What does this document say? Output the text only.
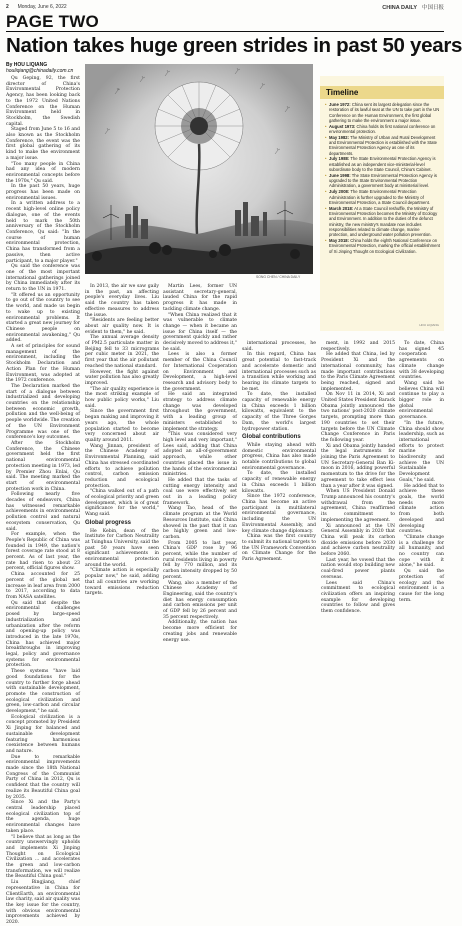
2 Monday, June 6, 2022	CHINA DAILY 中国日报
PAGE TWO
Nation takes huge green strides in past 50 years
By HOU LIQIANG
houliqiang@chinadaily.com.cn

Qu Geping, 92, the first director of China's Environmental Protection Agency, has been looking back to the 1972 United Nations Conference on the Human Environment held in Stockholm, the Swedish capital.

Staged from June 5 to 16 and also known as the Stockholm Conference, the event was the first global gathering of its kind to make the environment a major issue.

"Too many people in China had any idea of modern environmental concepts before the 1970s," Qu said.

In the past 50 years, huge progress has been made on environmental issues.

In a written address to a recent high-level online policy dialogue, one of the events held to mark the 50th anniversary of the Stockholm Conference, Qu said: "In the course of human environmental protection, China has transformed from a passive, then active participant, to a major player."

Qu said the conference was one of the most important international gatherings joined by China immediately after its return to the UN in 1971.

"It offered us an opportunity to go out of the country to see the world, and made us begin to wake up to existing environmental problems. It started a great new journey for Chinese people on environmental awakening," Qu added.

A set of principles for sound management of the environment, including the Stockholm Declaration and Action Plan for the Human Environment, was adopted at the 1972 conference.

The Declaration marked the start of a dialogue between industrialized and developing countries on the relationship between economic growth, pollution and the well-being of people worldwide. The creation of the UN Environment Programme was one of the conference's key outcomes.

After the Stockholm Conference, the Chinese government held the first national environmental protection meeting in 1973, led by Premier Zhou Enlai, Qu said. The meeting marked the start of environmental protection work in China.

Following nearly five decades of endeavors, China has witnessed remarkable achievements in environmental pollution control and natural ecosystem conservation, Qu said.

For example, when the People's Republic of China was founded in 1949, the nation's forest coverage rate stood at 8 percent. As of last year, the rate had risen to about 23 percent, official figures show.

China accounted for 25 percent of the global net increase in leaf area from 2000 to 2017, according to data from NASA satellites.

Qu said that despite the environmental challenges posed by large-speed industrialization and urbanization after the reform and opening-up policy was introduced in the late 1970s, China has achieved major breakthroughs in improving legal, policy and governance systems for environmental protection.

These systems "have laid good foundations for the country to further forge ahead with sustainable development, promote the construction of ecological civilization and green, low-carbon and circular development," he said.

Ecological civilization is a concept promoted by President Xi Jinping for balanced and sustainable development featuring harmonious coexistence between humans and nature.

Due to remarkable environmental improvements made since the 18th National Congress of the Communist Party of China in 2012, Qu is confident that the country will realize its Beautiful China goal by 2035.

Since Xi and the Party's central leadership placed ecological civilization top of the agenda, huge environmental changes have taken place.

"I believe that as long as the country unswervingly upholds and implements Xi Jinping Thought on Ecological Civilization ... and accelerates the green and low-carbon transformation, we will realize the Beautiful China goal."

Liu Bingjiang, chief representative in China for ClientEarth, an environmental law charity, said air quality was the key issue for the country, with obvious environmental improvements achieved by 2020.

SONG CHEN / CHINA DAILY

In 2013, the air we saw gaily in the past, an affecting people's everyday lives. Liu said the country has taken effective measures to address the issue.

"Residents are feeling better about air quality now. It is evident to them," he said.

The annual average density of PM2.5 particulate matter in Beijing fell to 33 micrograms per cubic meter in 2021, the first year that the air pollutant reached the national standard.

However, the fight against water pollution has also greatly improved.

"The air quality experience is the most striking example of how public policy works," Liu said.

Since the government first began making and improving it years ago, the whole population started to become very concerned about air quality around 2011.

Wang Jinnan, president of the Chinese Academy of Environmental Planning, said China has stressed coordinated efforts to achieve pollution control, carbon emission reduction and ecological protection.

"China walked out of a path of ecological priority and green development, which is of great significance for the world," Wang said.

Global progress

He Kebin, dean of the Institute for Carbon Neutrality at Tsinghua University, said the past 50 years have seen significant achievements in environmental protection around the world.

"Climate action is especially popular now," he said, adding that all countries are working toward emissions reduction targets.

Martin Lees, former UN assistant secretary-general, lauded China for the rapid progress it has made in tackling climate change.

"When China realized that it was vulnerable to climate change — when it became an issue for China itself — the government quickly and rather decisively moved to address it," he said.

Lees is also a former member of the China Council for International Cooperation on Environment and Development, a high-level research and advisory body to the government.

He said an integrated strategy to address climate change was developed throughout the government, with a leading group of ministers established to implement the strategy.

"This was considered very high level and very important," Lees said, adding that China adopted an all-of-government approach, while other countries placed the issue in the hands of the environmental ministries.

He added that the tasks of cutting energy intensity and coal use were effectively set out in a leading policy framework.

Wang Tao, head of the climate program at the World Resources Institute, said China showed in the past that it can be highly green and low-carbon.

From 2005 to last year, China's GDP rose by 96 percent, while the number of rural residents living in poverty fell by 770 million, and its carbon intensity dropped by 50 percent.

Wang, also a member of the Chinese Academy of Engineering, said the country's diet has energy consumption and carbon emissions per unit of GDP fell by 26 percent and 35 percent respectively.

Additionally, the nation has become more efficient for creating jobs and renewable energy use.

Timeline
• June 1972: China sent its largest delegation since the restoration of its lawful seat at the UN to take part in the UN Conference on the Human Environment, the first global gathering to make the environment a major issue.
• August 1973: China holds its first national conference on environmental protection.
• May 1982: The Ministry of Urban and Rural Development and Environmental Protection is established with the State Environmental Protection Agency as one of its departments.
• July 1988: The State Environmental Protection Agency is established as an independent vice-ministerial-level subordinate body to the State Council, China's Cabinet.
• June 1998: The State Environmental Protection Agency is upgraded to the State Environmental Protection Administration, a government body at ministerial level.
• July 2008: The State Environmental Protection Administration is further upgraded to the Ministry of Environmental Protection, a State Council department.
• March 2018: At a State Council reshuffle, the Ministry of Environmental Protection becomes the Ministry of Ecology and Environment. In addition to the duties of the defunct ministry, the new ministry's mandate now includes responsibilities related to climate change, marine protection, and underground water pollution prevention.
• May 2018: China holds the eighth National Conference on Environmental Protection, marking the official establishment of Xi Jinping Thought on Ecological Civilization.
HOU LIQIANG

international processes, he said.

In this regard, China has great potential to fast-track and accelerate domestic and international processes such as a transition while working and hearing its climate targets to be met.

To date, the installed capacity of renewable energy in China exceeds 1 billion kilowatts, equivalent to the capacity of the Three Gorges Dam, the world's largest hydropower station.

Global contributions

While staying ahead with domestic environmental progress, China has also made notable contributions to global environmental governance.

To date, the installed capacity of renewable energy in China exceeds 1 billion kilowatts.

Since the 1972 conference, China has become an active participant in multilateral environmental governance, including the UN Environmental Assembly, and key climate change diplomacy.

China was the first country to submit its national targets to the UN Framework Convention on Climate Change for the Paris Agreement.

ment, in 1992 and 2015 respectively.

He added that China, led by President Xi and the international community, has made important contributions to the Paris Climate Agreement being reached, signed and implemented.

On Nov 11 in 2014, Xi and United States President Barack Obama jointly announced the two nations' post-2020 climate targets, prompting more than 190 countries to set their targets before the UN Climate Change Conference in Paris the following year.

Xi and Obama jointly handed the legal instruments for joining the Paris Agreement to UN Secretary-General Ban Ki-moon in 2016, adding powerful momentum to the drive for the agreement to take effect less than a year after it was signed.

When US President Donald Trump announced his country's withdrawal from the agreement, China reaffirmed its commitment to implementing the agreement.

Xi announced at the UN General Assembly in 2020 that China will peak its carbon dioxide emissions before 2030 and achieve carbon neutrality before 2060.

Last year, he vowed that the nation would stop building new coal-fired power plants overseas.

Lees said China's commitment to ecological civilization offers an inspiring example for developing countries to follow and gives them confidence.

To date, China has signed 45 cooperation agreements on climate change with 38 developing countries.

Wang said he believes China will continue to play a bigger role in global environmental governance.

"In the future, China should show leadership, such as international efforts to protect marine biodiversity and achieve the UN Sustainable Development Goals," he said.

He added that to achieve these goals, the world needs more climate action from both developed and developing countries.

"Climate change is a challenge for all humanity, and no country can cope with it alone," he said.

Qu said the protection of ecology and the environment is a cause for the long term.
